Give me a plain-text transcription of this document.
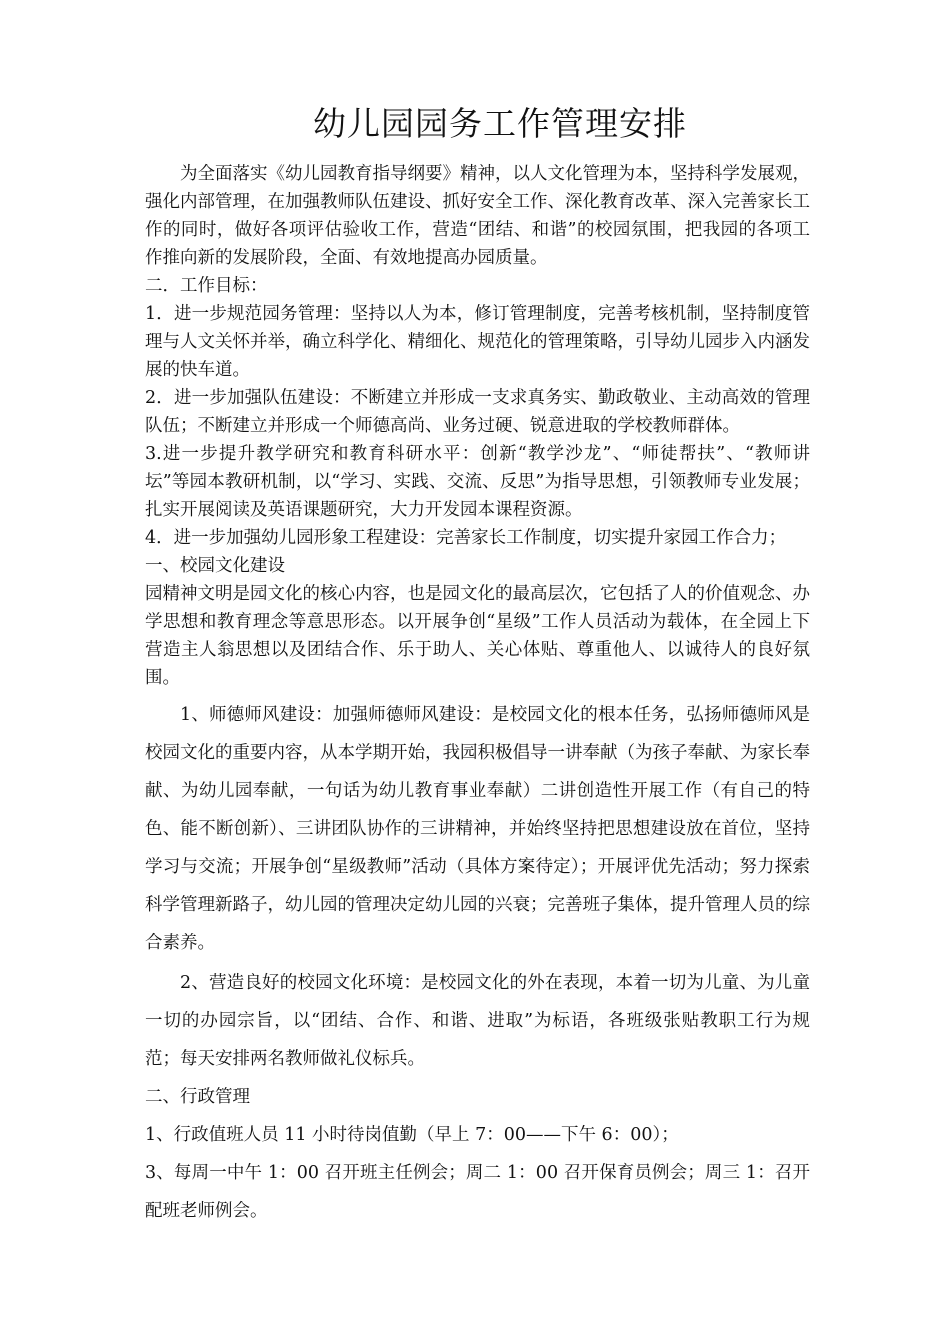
幼儿园园务工作管理安排

为全面落实《幼儿园教育指导纲要》精神，以人文化管理为本，坚持科学发展观，强化内部管理，在加强教师队伍建设、抓好安全工作、深化教育改革、深入完善家长工作的同时，做好各项评估验收工作，营造“团结、和谐”的校园氛围，把我园的各项工作推向新的发展阶段，全面、有效地提高办园质量。

二．工作目标：

1．进一步规范园务管理：坚持以人为本，修订管理制度，完善考核机制，坚持制度管理与人文关怀并举，确立科学化、精细化、规范化的管理策略，引导幼儿园步入内涵发展的快车道。

2．进一步加强队伍建设：不断建立并形成一支求真务实、勤政敬业、主动高效的管理队伍；不断建立并形成一个师德高尚、业务过硬、锐意进取的学校教师群体。

3.进一步提升教学研究和教育科研水平：创新“教学沙龙”、“师徒帮扶”、“教师讲坛”等园本教研机制，以“学习、实践、交流、反思”为指导思想，引领教师专业发展；扎实开展阅读及英语课题研究，大力开发园本课程资源。

4．进一步加强幼儿园形象工程建设：完善家长工作制度，切实提升家园工作合力；

一、校园文化建设

园精神文明是园文化的核心内容，也是园文化的最高层次，它包括了人的价值观念、办学思想和教育理念等意思形态。以开展争创“星级”工作人员活动为载体，在全园上下营造主人翁思想以及团结合作、乐于助人、关心体贴、尊重他人、以诚待人的良好氛围。

1、师德师风建设：加强师德师风建设：是校园文化的根本任务，弘扬师德师风是校园文化的重要内容，从本学期开始，我园积极倡导一讲奉献（为孩子奉献、为家长奉献、为幼儿园奉献，一句话为幼儿教育事业奉献）二讲创造性开展工作（有自己的特色、能不断创新）、三讲团队协作的三讲精神，并始终坚持把思想建设放在首位，坚持学习与交流；开展争创“星级教师”活动（具体方案待定）；开展评优先活动；努力探索科学管理新路子，幼儿园的管理决定幼儿园的兴衰；完善班子集体，提升管理人员的综合素养。

2、营造良好的校园文化环境：是校园文化的外在表现，本着一切为儿童、为儿童一切的办园宗旨，以“团结、合作、和谐、进取”为标语，各班级张贴教职工行为规范；每天安排两名教师做礼仪标兵。

二、行政管理

1、行政值班人员 11 小时待岗值勤（早上 7：00——下午 6：00）；

3、每周一中午 1：00 召开班主任例会；周二 1：00 召开保育员例会；周三 1：召开配班老师例会。
